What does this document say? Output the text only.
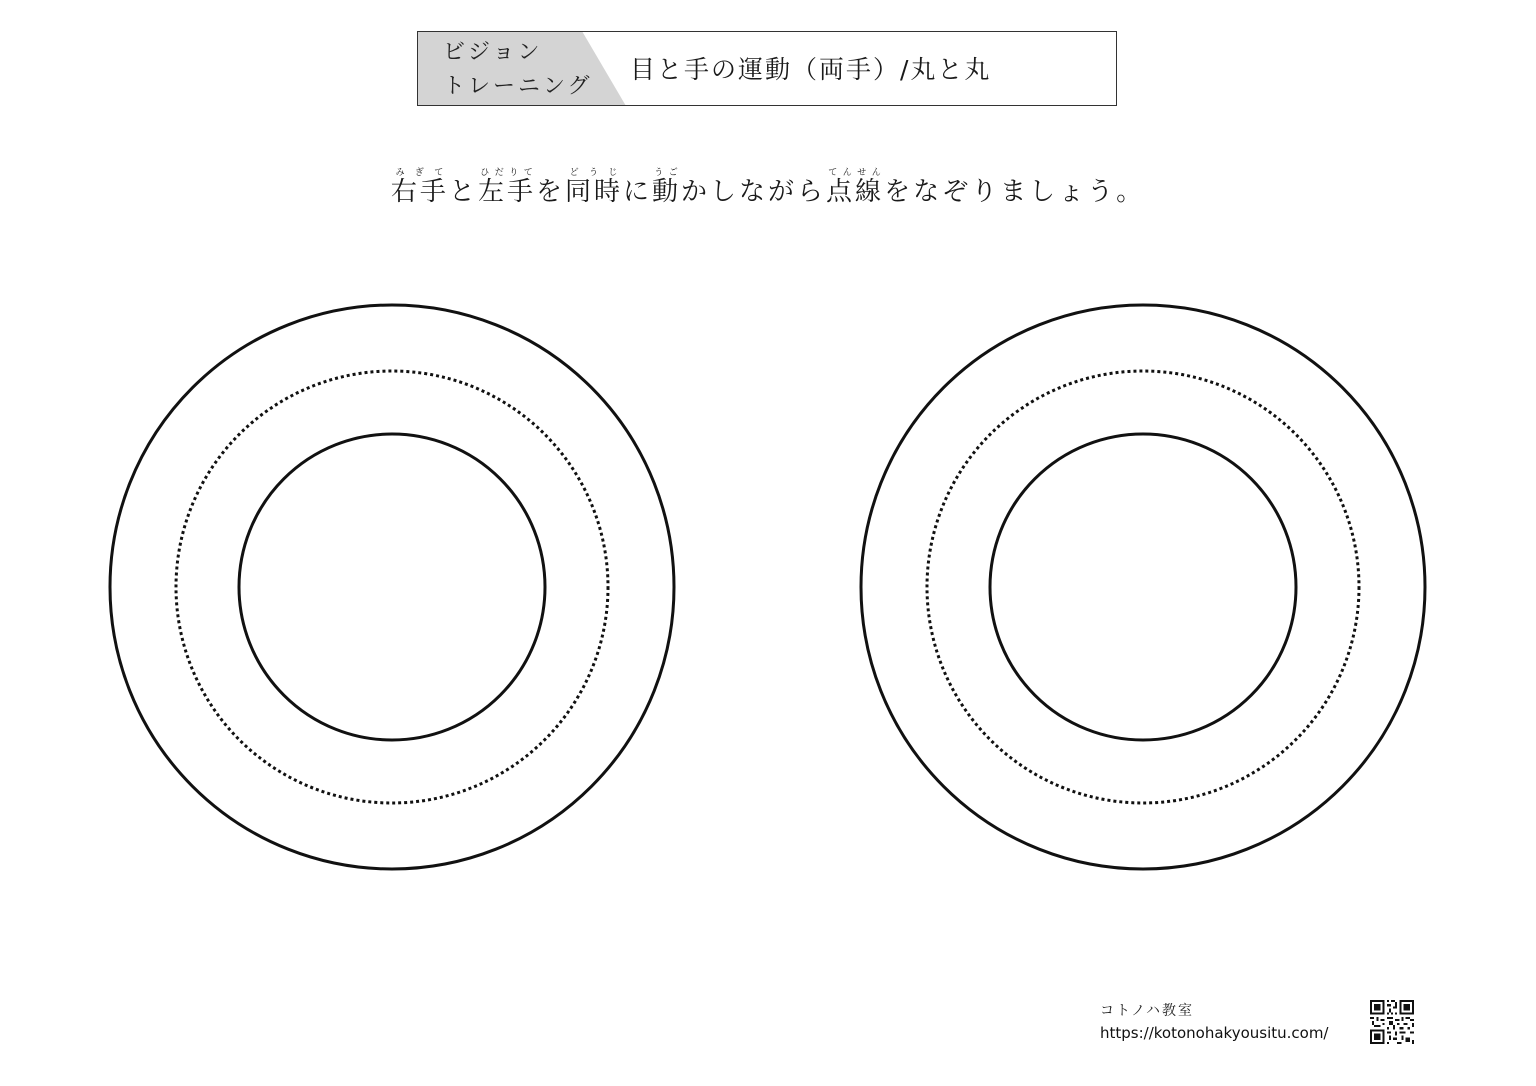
ビジョン
トレーニング
目と手の運動（両手）/丸と丸
右手みぎてと左手ひだりてを同時どうじに動うごかしながら点線てんせんをなぞりましょう。
コトノハ教室
https://kotonohakyousitu.com/
